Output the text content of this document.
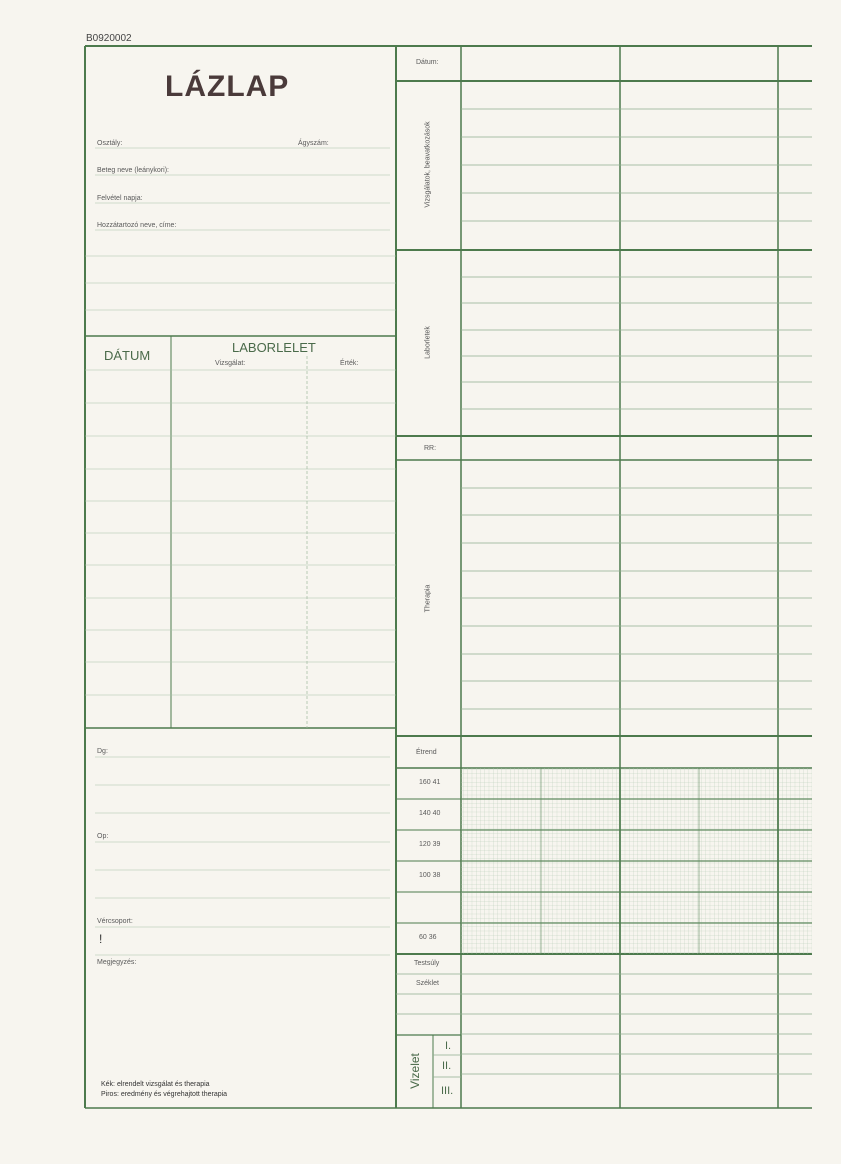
B0920002
LÁZLAP
Osztály:	Ágyszám:
Beteg neve (leánykori):
Felvétel napja:
Hozzátartozó neve, címe:
DÁTUM
LABORLELET
Vizsgálat:	Érték:
Dg:
Op:
Vércsoport:
!
Megjegyzés:
Kék: elrendelt vizsgálat és therapia
Piros: eredmény és végrehajtott therapia
Dátum:
Vizsgálatok, beavatkozások
Laborletek
RR:
Therapia
Étrend
160 41
140 40
120 39
100 38
60 36
Testsúly
Széklet
Vizelet
I.
II.
III.
